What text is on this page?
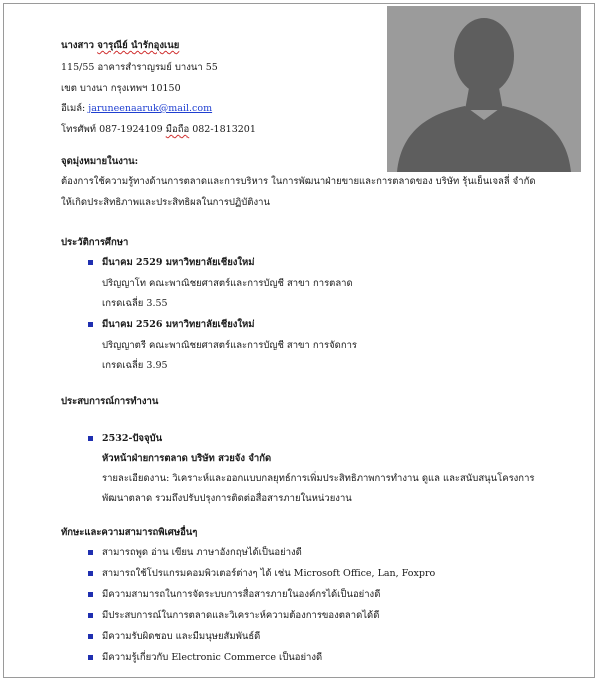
นางสาว จารุณีย์ นำรักอุงเนย
115/55 อาคารสำราญรมย์ บางนา 55
เขต บางนา กรุงเทพฯ 10150
อีเมล์: jaruneenaaruk@mail.com
โทรศัพท์ 087-1924109 มือถือ 082-1813201
จุดมุ่งหมายในงาน:
ต้องการใช้ความรู้ทางด้านการตลาดและการบริหาร ในการพัฒนาฝ่ายขายและการตลาดของ บริษัท รุ้นเย็นเจลลี่ จำกัด
ให้เกิดประสิทธิภาพและประสิทธิผลในการปฏิบัติงาน
ประวัติการศึกษา
มีนาคม 2529 มหาวิทยาลัยเชียงใหม่
ปริญญาโท คณะพาณิชยศาสตร์และการบัญชี สาขา การตลาด
เกรดเฉลี่ย 3.55
มีนาคม 2526 มหาวิทยาลัยเชียงใหม่
ปริญญาตรี คณะพาณิชยศาสตร์และการบัญชี สาขา การจัดการ
เกรดเฉลี่ย 3.95
ประสบการณ์การทำงาน
2532-ปัจจุบัน
หัวหน้าฝ่ายการตลาด บริษัท สวยจัง จำกัด
รายละเอียดงาน: วิเคราะห์และออกแบบกลยุทธ์การเพิ่มประสิทธิภาพการทำงาน ดูแล และสนับสนุนโครงการ
พัฒนาตลาด รวมถึงปรับปรุงการติดต่อสื่อสารภายในหน่วยงาน
ทักษะและความสามารถพิเศษอื่นๆ
สามารถพูด อ่าน เขียน ภาษาอังกฤษได้เป็นอย่างดี
สามารถใช้โปรแกรมคอมพิวเตอร์ต่างๆ ได้ เช่น Microsoft Office, Lan, Foxpro
มีความสามารถในการจัดระบบการสื่อสารภายในองค์กรได้เป็นอย่างดี
มีประสบการณ์ในการตลาดและวิเคราะห์ความต้องการของตลาดได้ดี
มีความรับผิดชอบ และมีมนุษยสัมพันธ์ดี
มีความรู้เกี่ยวกับ Electronic Commerce เป็นอย่างดี
